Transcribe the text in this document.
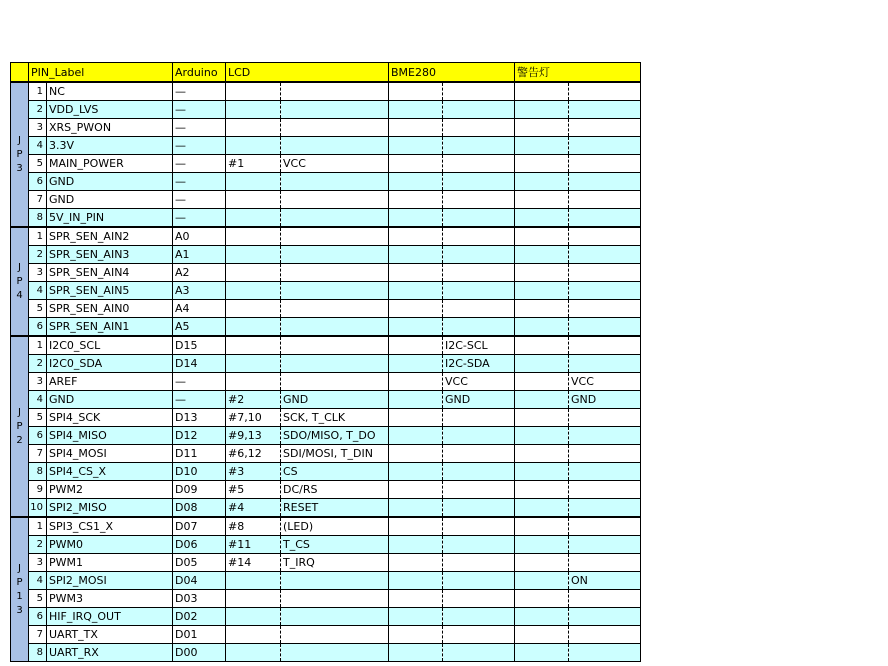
	PIN_Label		Arduino	LCD		BME280		警告灯	

J
P
3	1	NC	—						
	2	VDD_LVS	—						
	3	XRS_PWON	—						
	4	3.3V	—						
	5	MAIN_POWER	—	#1	VCC				
	6	GND	—						
	7	GND	—						
	8	5V_IN_PIN	—						

J
P
4	1	SPR_SEN_AIN2	A0						
	2	SPR_SEN_AIN3	A1						
	3	SPR_SEN_AIN4	A2						
	4	SPR_SEN_AIN5	A3						
	5	SPR_SEN_AIN0	A4						
	6	SPR_SEN_AIN1	A5						

J
P
2	1	I2C0_SCL	D15				I2C-SCL		
	2	I2C0_SDA	D14				I2C-SDA		
	3	AREF	—				VCC		VCC
	4	GND	—	#2	GND		GND		GND
	5	SPI4_SCK	D13	#7,10	SCK, T_CLK				
	6	SPI4_MISO	D12	#9,13	SDO/MISO, T_DO				
	7	SPI4_MOSI	D11	#6,12	SDI/MOSI, T_DIN				
	8	SPI4_CS_X	D10	#3	CS				
	9	PWM2	D09	#5	DC/RS				
	10	SPI2_MISO	D08	#4	RESET				

J
P
1
3	1	SPI3_CS1_X	D07	#8	(LED)				
	2	PWM0	D06	#11	T_CS				
	3	PWM1	D05	#14	T_IRQ				
	4	SPI2_MOSI	D04						ON
	5	PWM3	D03						
	6	HIF_IRQ_OUT	D02						
	7	UART_TX	D01						
	8	UART_RX	D00						
